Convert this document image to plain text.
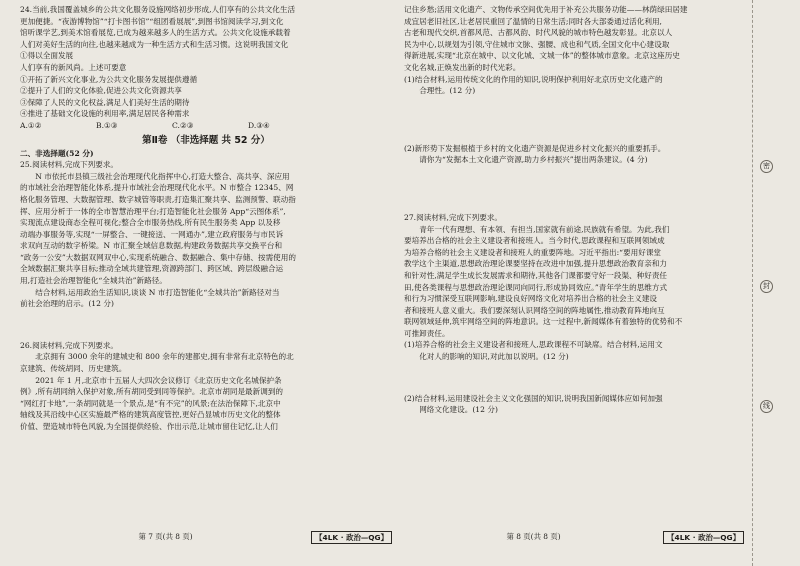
24.当前,我国覆盖城乡的公共文化服务设施网络初步形成,人们享有的公共文化生活
更加便捷。“夜游博物馆”“打卡图书馆”“组团看展展”,到图书馆阅读学习,到文化
馆听课学艺,到美术馆看展览,已成为越来越多人的生活方式。公共文化设施承载着
人们对美好生活的向往,也越来越成为一种生活方式和生活习惯。这说明我国文化
①得以全面发展
人们享有的新风尚。上述可要意
①开拓了新兴文化事业,为公共文化服务发展提供遵循
②提升了人们的文化体验,促进公共文化资源共享
③保障了人民的文化权益,满足人们美好生活的期待
④推进了基础文化设施的利用率,满足居民各种需求
A.①②	B.①③	C.②③	D.③④
第Ⅱ卷 （非选择题 共 52 分）
二、非选择题(52 分)
25.阅读材料,完成下列要求。
N 市依托市县镇三级社会治理现代化指挥中心,打造大整合、高共享、深应用
的市域社会治理智能化体系,提升市域社会治理现代化水平。N 市整合 12345、网
格化服务管理、大数据管理、数字城管等职责,打造集汇聚共享、监测预警、联动指
挥、应用分析于一体的全市智慧治理平台;打造智能化社会服务 App“云图体系”,
实现流点建设商态全程可视化;整合全市服务热线,所有民生服务类 App 以及移
动端办事服务等,实现“一屏整合、一键接送、一网通办”,建立政府服务与市民诉
求双向互动的数字桥梁。N 市汇聚全域信息数据,构建政务数据共享交换平台和
“政务一公安”大数据双网双中心,实现系统融合、数据融合、集中存储、按需使用的
全域数据汇聚共享目标;推动全域共建管理,资源跨部门、跨区域、跨层级融合运
用,打造社会治理智能化“全城共治”新路径。
结合材料,运用政治生活知识,谈谈 N 市打造智能化“全城共治”新路径对当
前社会治理的启示。(12 分)
26.阅读材料,完成下列要求。
北京拥有 3000 余年的建城史和 800 余年的建都史,拥有非常有北京特色的北
京建筑、传统胡同、历史建筑。
2021 年 1 月,北京市十五届人大四次会议修订《北京历史文化名城保护条
例》,所有胡同纳入保护对象,所有胡同受到同等保护。北京市胡同是最新调到的
“网红打卡地”,一条胡同就是一个景点,是“有不完”的风景;在法治保障下,北京中
轴线及其沿线中心区实施最严格的建筑高度管控,更好凸显城市历史文化的整体
价值、塑造城市特色风貌,为全国提供经验、作出示范,让城市留住记忆,让人们
第 7 页(共 8 页)	【4LK · 政治—QG】
记住乡愁;活用文化遗产、文物传承空间优先用于补充公共服务功能——林荫绿田居建
成宜居老旧社区,让老居民重回了温情的日常生活;同时各大部委通过活化利用,
古老和现代交织,首都风范、古都风韵、时代风貌的城市特色越发彰显。北京以人
民为中心,以规划为引领,守住城市文脉、强腰、成也和气质,全国文化中心建设取
得新进展,实现“北京在城中、以文化城、文城一体”的整体城市意象。北京这座历史
文化名城,正焕发出新的时代光彩。
(1)结合材料,运用传统文化的作用的知识,说明保护利用好北京历史文化遗产的
合理性。(12 分)
(2)新形势下发掘根植于乡村的文化遗产资源是促进乡村文化振兴的重要抓手。
请你为“发掘本土文化遗产资源,助力乡村振兴”提出两条建议。(4 分)
27.阅读材料,完成下列要求。
青年一代有理想、有本领、有担当,国家就有前途,民族就有希望。为此,我们
要培养出合格的社会主义建设者和接班人。当今时代,思政课程和互联网领域成
为培养合格的社会主义建设者和接班人的重要阵地。习近平指出:“要用好课堂
教学这个主渠道,思想政治理论课要坚持在改进中加强,提升思想政治教育亲和力
和针对性,满足学生成长发展需求和期待,其他各门课都要守好一段渠、种好责任
田,使各类课程与思想政治理论课同向同行,形成协同效应。”青年学生的思维方式
和行为习惯深受互联网影响,建设良好网络文化对培养出合格的社会主义建设
者和接班人意义重大。我们要深刻认识网络空间的阵地属性,推动教育阵地向互
联网领域延伸,筑牢网络空间的阵地意识。这一过程中,新闻媒体有着独特的优势和不
可推卸责任。
(1)培养合格的社会主义建设者和接班人,思政课程不可缺席。结合材料,运用文
化对人的影响的知识,对此加以说明。(12 分)
(2)结合材料,运用建设社会主义文化强国的知识,说明我国新闻媒体应如何加强
网络文化建设。(12 分)
第 8 页(共 8 页)	【4LK · 政治—QG】
密
封
线
